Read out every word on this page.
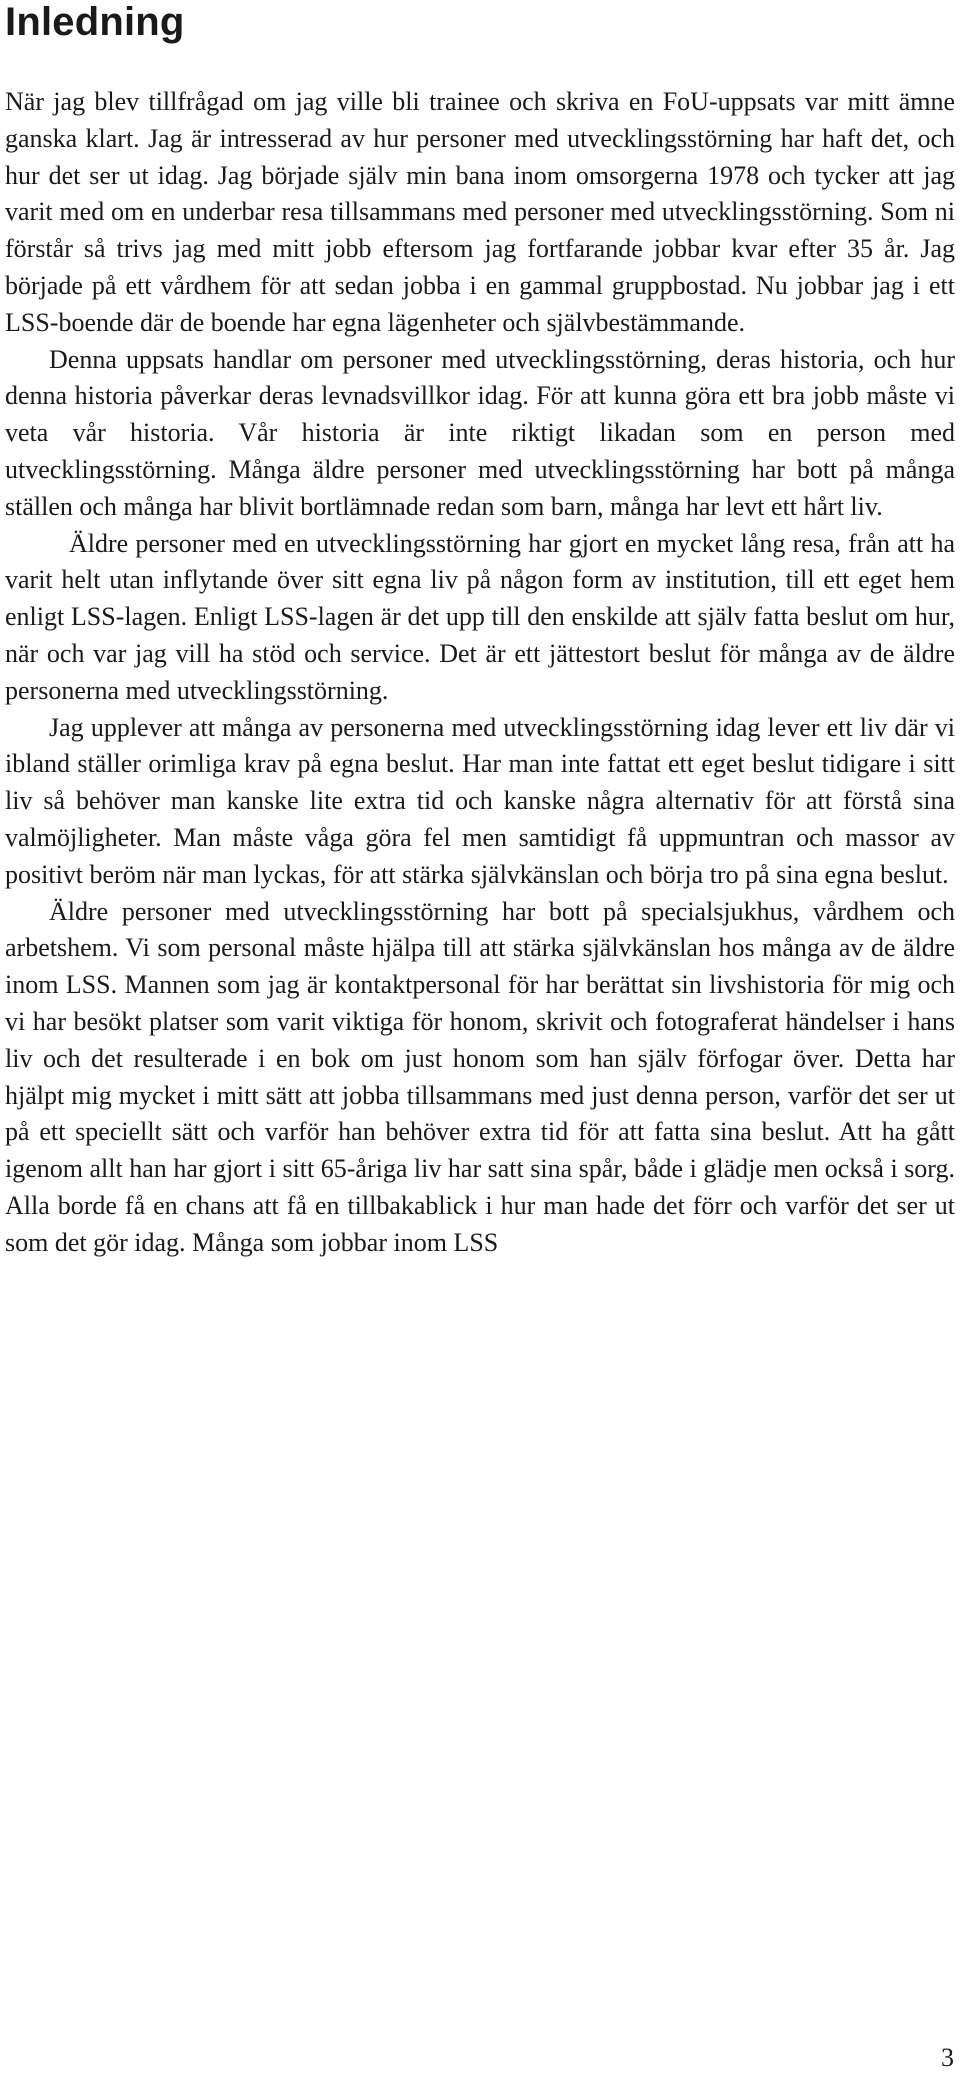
Inledning

När jag blev tillfrågad om jag ville bli trainee och skriva en FoU-uppsats var mitt ämne ganska klart. Jag är intresserad av hur personer med utvecklingsstörning har haft det, och hur det ser ut idag. Jag började själv min bana inom omsorgerna 1978 och tycker att jag varit med om en underbar resa tillsammans med personer med utvecklingsstörning. Som ni förstår så trivs jag med mitt jobb eftersom jag fortfarande jobbar kvar efter 35 år. Jag började på ett vårdhem för att sedan jobba i en gammal gruppbostad. Nu jobbar jag i ett LSS-boende där de boende har egna lägenheter och självbestämmande.

Denna uppsats handlar om personer med utvecklingsstörning, deras historia, och hur denna historia påverkar deras levnadsvillkor idag. För att kunna göra ett bra jobb måste vi veta vår historia. Vår historia är inte riktigt likadan som en person med utvecklingsstörning. Många äldre personer med utvecklingsstörning har bott på många ställen och många har blivit bortlämnade redan som barn, många har levt ett hårt liv.

Äldre personer med en utvecklingsstörning har gjort en mycket lång resa, från att ha varit helt utan inflytande över sitt egna liv på någon form av institution, till ett eget hem enligt LSS-lagen. Enligt LSS-lagen är det upp till den enskilde att själv fatta beslut om hur, när och var jag vill ha stöd och service. Det är ett jättestort beslut för många av de äldre personerna med utvecklingsstörning.

Jag upplever att många av personerna med utvecklingsstörning idag lever ett liv där vi ibland ställer orimliga krav på egna beslut. Har man inte fattat ett eget beslut tidigare i sitt liv så behöver man kanske lite extra tid och kanske några alternativ för att förstå sina valmöjligheter. Man måste våga göra fel men samtidigt få uppmuntran och massor av positivt beröm när man lyckas, för att stärka självkänslan och börja tro på sina egna beslut.

Äldre personer med utvecklingsstörning har bott på specialsjukhus, vårdhem och arbetshem. Vi som personal måste hjälpa till att stärka självkänslan hos många av de äldre inom LSS. Mannen som jag är kontaktpersonal för har berättat sin livshistoria för mig och vi har besökt platser som varit viktiga för honom, skrivit och fotograferat händelser i hans liv och det resulterade i en bok om just honom som han själv förfogar över. Detta har hjälpt mig mycket i mitt sätt att jobba tillsammans med just denna person, varför det ser ut på ett speciellt sätt och varför han behöver extra tid för att fatta sina beslut. Att ha gått igenom allt han har gjort i sitt 65-åriga liv har satt sina spår, både i glädje men också i sorg. Alla borde få en chans att få en tillbakablick i hur man hade det förr och varför det ser ut som det gör idag. Många som jobbar inom LSS

3
